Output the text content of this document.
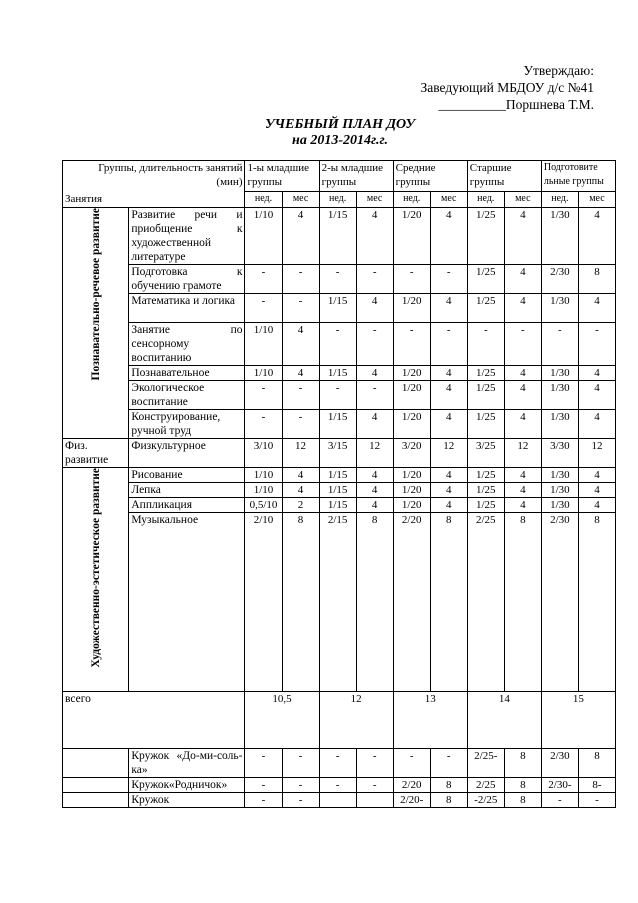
Утверждаю:
Заведующий МБДОУ д/с №41
__________Поршнева Т.М.
УЧЕБНЫЙ ПЛАН ДОУ
на 2013-2014г.г.
Группы, длительность занятий
(мин)
Занятия		1-ы младшие группы		2-ы младшие группы		Средние группы		Старшие группы		Подготовите льные группы	
		нед.	мес	нед.	мес	нед.	мес	нед.	мес	нед.	мес

Познавательно-речевое развитие	Развитие речи и приобщение к художественной литературе	1/10	4	1/15	4	1/20	4	1/25	4	1/30	4
	Подготовка к обучению грамоте	-	-	-	-	-	-	1/25	4	2/30	8
	Математика и логика	-	-	1/15	4	1/20	4	1/25	4	1/30	4
	Занятие по сенсорному воспитанию	1/10	4	-	-	-	-	-	-	-	-
	Познавательное	1/10	4	1/15	4	1/20	4	1/25	4	1/30	4
	Экологическое воспитание	-	-	-	-	1/20	4	1/25	4	1/30	4
	Конструирование, ручной труд	-	-	1/15	4	1/20	4	1/25	4	1/30	4
Физ. развитие	Физкультурное	3/10	12	3/15	12	3/20	12	3/25	12	3/30	12

Художественно-эстетическое развитие	Рисование	1/10	4	1/15	4	1/20	4	1/25	4	1/30	4
	Лепка	1/10	4	1/15	4	1/20	4	1/25	4	1/30	4
	Аппликация	0,5/10	2	1/15	4	1/20	4	1/25	4	1/30	4
	Музыкальное	2/10	8	2/15	8	2/20	8	2/25	8	2/30	8
всего		10,5		12		13		14		15	
	Кружок «До-ми-соль-ка»	-	-	-	-	-	-	2/25-	8	2/30	8
	Кружок«Родничок»	-	-	-	-	2/20	8	2/25	8	2/30-	8-
	Кружок	-	-			2/20-	8	-2/25	8	-	-
